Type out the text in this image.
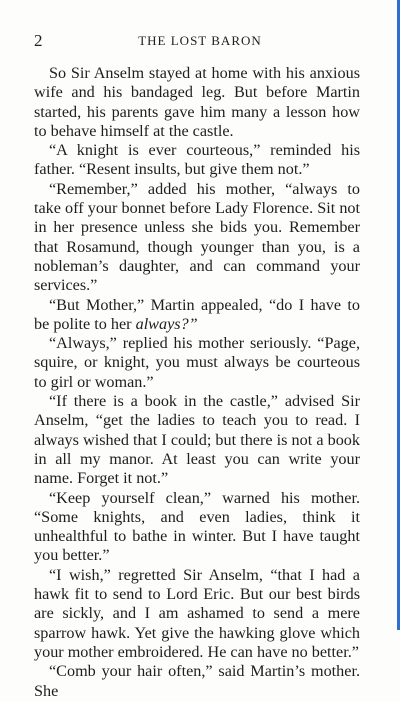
2	THE LOST BARON

So Sir Anselm stayed at home with his anxious wife and his bandaged leg. But before Martin started, his parents gave him many a lesson how to behave himself at the castle.

“A knight is ever courteous,” reminded his father. “Resent insults, but give them not.”

“Remember,” added his mother, “always to take off your bonnet before Lady Florence. Sit not in her presence unless she bids you. Remember that Rosamund, though younger than you, is a nobleman’s daughter, and can command your services.”

“But Mother,” Martin appealed, “do I have to be polite to her always?”

“Always,” replied his mother seriously. “Page, squire, or knight, you must always be courteous to girl or woman.”

“If there is a book in the castle,” advised Sir Anselm, “get the ladies to teach you to read. I always wished that I could; but there is not a book in all my manor. At least you can write your name. Forget it not.”

“Keep yourself clean,” warned his mother. “Some knights, and even ladies, think it unhealthful to bathe in winter. But I have taught you better.”

“I wish,” regretted Sir Anselm, “that I had a hawk fit to send to Lord Eric. But our best birds are sickly, and I am ashamed to send a mere sparrow hawk. Yet give the hawking glove which your mother embroidered. He can have no better.”

“Comb your hair often,” said Martin’s mother. She
